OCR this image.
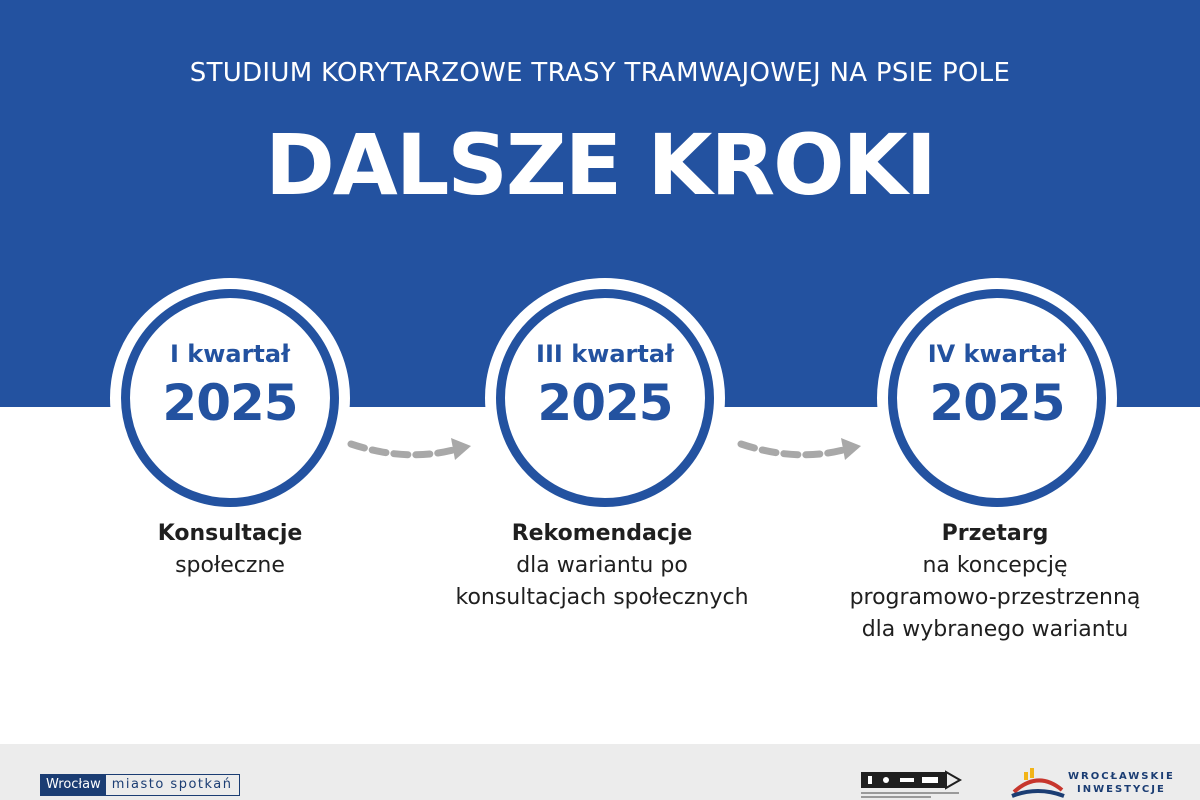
STUDIUM KORYTARZOWE TRASY TRAMWAJOWEJ NA PSIE POLE
DALSZE KROKI
I kwartał
2025
Konsultacje
społeczne
III kwartał
2025
Rekomendacje
dla wariantu po
konsultacjach społecznych
IV kwartał
2025
Przetarg
na koncepcję
programowo-przestrzenną
dla wybranego wariantu
Wrocław miasto spotkań
WROCŁAWSKIE
INWESTYCJE
